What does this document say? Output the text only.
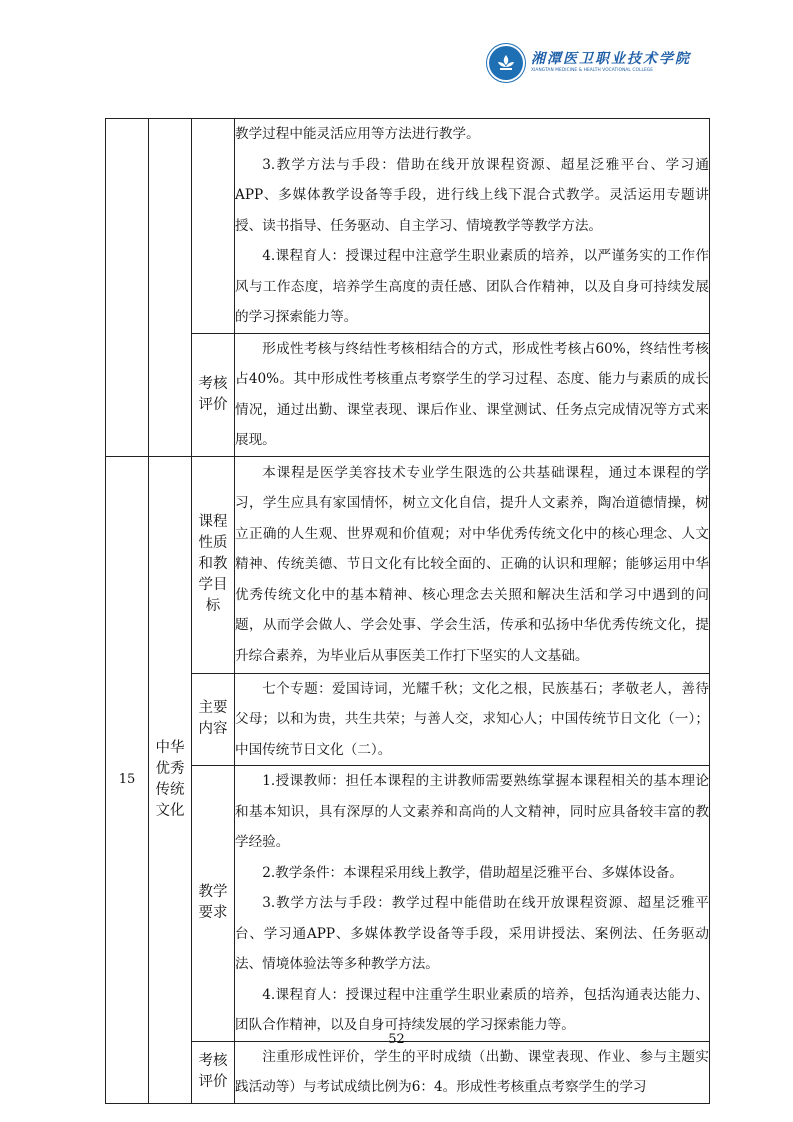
湘潭医卫职业技术学院
XIANGTAN MEDICINE & HEALTH VOCATIONAL COLLEGE

			教学过程中能灵活应用等方法进行教学。

3.教学方法与手段：借助在线开放课程资源、超星泛雅平台、学习通APP、多媒体教学设备等手段，进行线上线下混合式教学。灵活运用专题讲授、读书指导、任务驱动、自主学习、情境教学等教学方法。

4.课程育人：授课过程中注意学生职业素质的培养，以严谨务实的工作作风与工作态度，培养学生高度的责任感、团队合作精神，以及自身可持续发展的学习探索能力等。

		考核评价	形成性考核与终结性考核相结合的方式，形成性考核占60%，终结性考核占40%。其中形成性考核重点考察学生的学习过程、态度、能力与素质的成长情况，通过出勤、课堂表现、课后作业、课堂测试、任务点完成情况等方式来展现。

15	中华优秀传统文化	课程性质和教学目标	本课程是医学美容技术专业学生限选的公共基础课程，通过本课程的学习，学生应具有家国情怀，树立文化自信，提升人文素养，陶冶道德情操，树立正确的人生观、世界观和价值观；对中华优秀传统文化中的核心理念、人文精神、传统美德、节日文化有比较全面的、正确的认识和理解；能够运用中华优秀传统文化中的基本精神、核心理念去关照和解决生活和学习中遇到的问题，从而学会做人、学会处事、学会生活，传承和弘扬中华优秀传统文化，提升综合素养，为毕业后从事医美工作打下坚实的人文基础。

		主要内容	七个专题：爱国诗词，光耀千秋；文化之根，民族基石；孝敬老人，善待父母；以和为贵，共生共荣；与善人交，求知心人；中国传统节日文化（一）；中国传统节日文化（二）。

		教学要求	1.授课教师：担任本课程的主讲教师需要熟练掌握本课程相关的基本理论和基本知识，具有深厚的人文素养和高尚的人文精神，同时应具备较丰富的教学经验。

2.教学条件：本课程采用线上教学，借助超星泛雅平台、多媒体设备。

3.教学方法与手段：教学过程中能借助在线开放课程资源、超星泛雅平台、学习通APP、多媒体教学设备等手段，采用讲授法、案例法、任务驱动法、情境体验法等多种教学方法。

4.课程育人：授课过程中注重学生职业素质的培养，包括沟通表达能力、团队合作精神，以及自身可持续发展的学习探索能力等。

		考核评价	注重形成性评价，学生的平时成绩（出勤、课堂表现、作业、参与主题实践活动等）与考试成绩比例为6：4。形成性考核重点考察学生的学习

52
